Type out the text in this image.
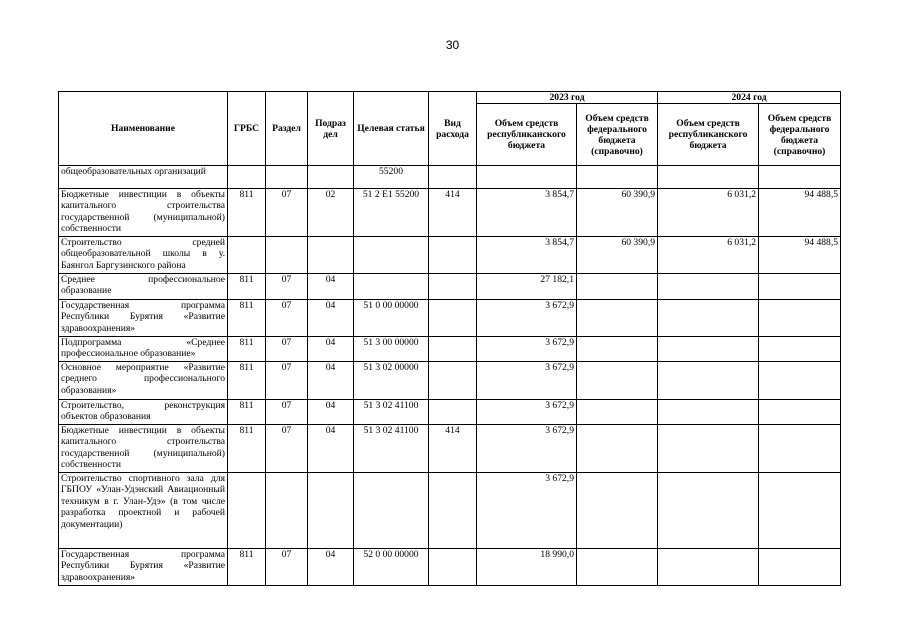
30
Наименование	ГРБС	Раздел	Подраз дел	Целевая статья	Вид расхода	2023 год		2024 год	
						Объем средств республиканского бюджета	Объем средств федерального бюджета (справочно)	Объем средств республиканского бюджета	Объем средств федерального бюджета (справочно)
общеобразовательных организаций				55200					
Бюджетные инвестиции в объекты капитального строительства государственной (муниципальной) собственности	811	07	02	51 2 E1 55200	414	3 854,7	60 390,9	6 031,2	94 488,5
Строительство средней общеобразовательной школы в у. Баянгол Баргузинского района						3 854,7	60 390,9	6 031,2	94 488,5
Среднее профессиональное образование	811	07	04			27 182,1			
Государственная программа Республики Бурятия «Развитие здравоохранения»	811	07	04	51 0 00 00000		3 672,9			
Подпрограмма «Среднее профессиональное образование»	811	07	04	51 3 00 00000		3 672,9			
Основное мероприятие «Развитие среднего профессионального образования»	811	07	04	51 3 02 00000		3 672,9			
Строительство, реконструкция объектов образования	811	07	04	51 3 02 41100		3 672,9			
Бюджетные инвестиции в объекты капитального строительства государственной (муниципальной) собственности	811	07	04	51 3 02 41100	414	3 672,9			
Строительство спортивного зала для ГБПОУ «Улан-Удэнский Авиационный техникум в г. Улан-Удэ» (в том числе разработка проектной и рабочей документации)						3 672,9			
Государственная программа Республики Бурятия «Развитие здравоохранения»	811	07	04	52 0 00 00000		18 990,0			
